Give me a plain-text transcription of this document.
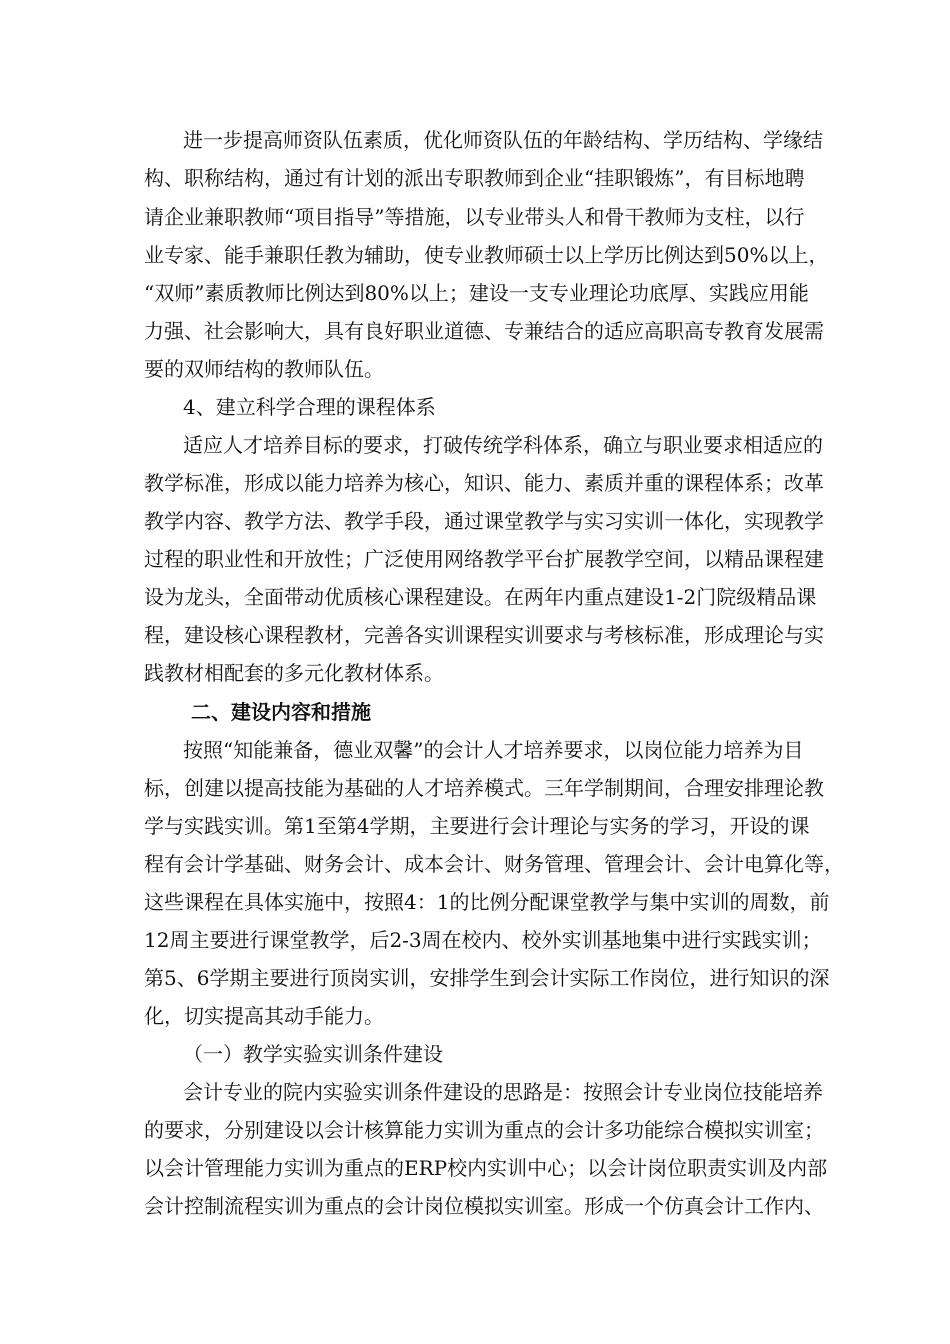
进一步提高师资队伍素质，优化师资队伍的年龄结构、学历结构、学缘结
构、职称结构，通过有计划的派出专职教师到企业“挂职锻炼”，有目标地聘
请企业兼职教师“项目指导”等措施，以专业带头人和骨干教师为支柱，以行
业专家、能手兼职任教为辅助，使专业教师硕士以上学历比例达到50%以上，
“双师”素质教师比例达到80%以上；建设一支专业理论功底厚、实践应用能
力强、社会影响大，具有良好职业道德、专兼结合的适应高职高专教育发展需
要的双师结构的教师队伍。
4、建立科学合理的课程体系
适应人才培养目标的要求，打破传统学科体系，确立与职业要求相适应的
教学标准，形成以能力培养为核心，知识、能力、素质并重的课程体系；改革
教学内容、教学方法、教学手段，通过课堂教学与实习实训一体化，实现教学
过程的职业性和开放性；广泛使用网络教学平台扩展教学空间，以精品课程建
设为龙头，全面带动优质核心课程建设。在两年内重点建设1-2门院级精品课
程，建设核心课程教材，完善各实训课程实训要求与考核标准，形成理论与实
践教材相配套的多元化教材体系。
二、建设内容和措施
按照“知能兼备，德业双馨”的会计人才培养要求，以岗位能力培养为目
标，创建以提高技能为基础的人才培养模式。三年学制期间，合理安排理论教
学与实践实训。第1至第4学期，主要进行会计理论与实务的学习，开设的课
程有会计学基础、财务会计、成本会计、财务管理、管理会计、会计电算化等，
这些课程在具体实施中，按照4：1的比例分配课堂教学与集中实训的周数，前
12周主要进行课堂教学，后2-3周在校内、校外实训基地集中进行实践实训；
第5、6学期主要进行顶岗实训，安排学生到会计实际工作岗位，进行知识的深
化，切实提高其动手能力。
（一）教学实验实训条件建设
会计专业的院内实验实训条件建设的思路是：按照会计专业岗位技能培养
的要求，分别建设以会计核算能力实训为重点的会计多功能综合模拟实训室；
以会计管理能力实训为重点的ERP校内实训中心；以会计岗位职责实训及内部
会计控制流程实训为重点的会计岗位模拟实训室。形成一个仿真会计工作内、
